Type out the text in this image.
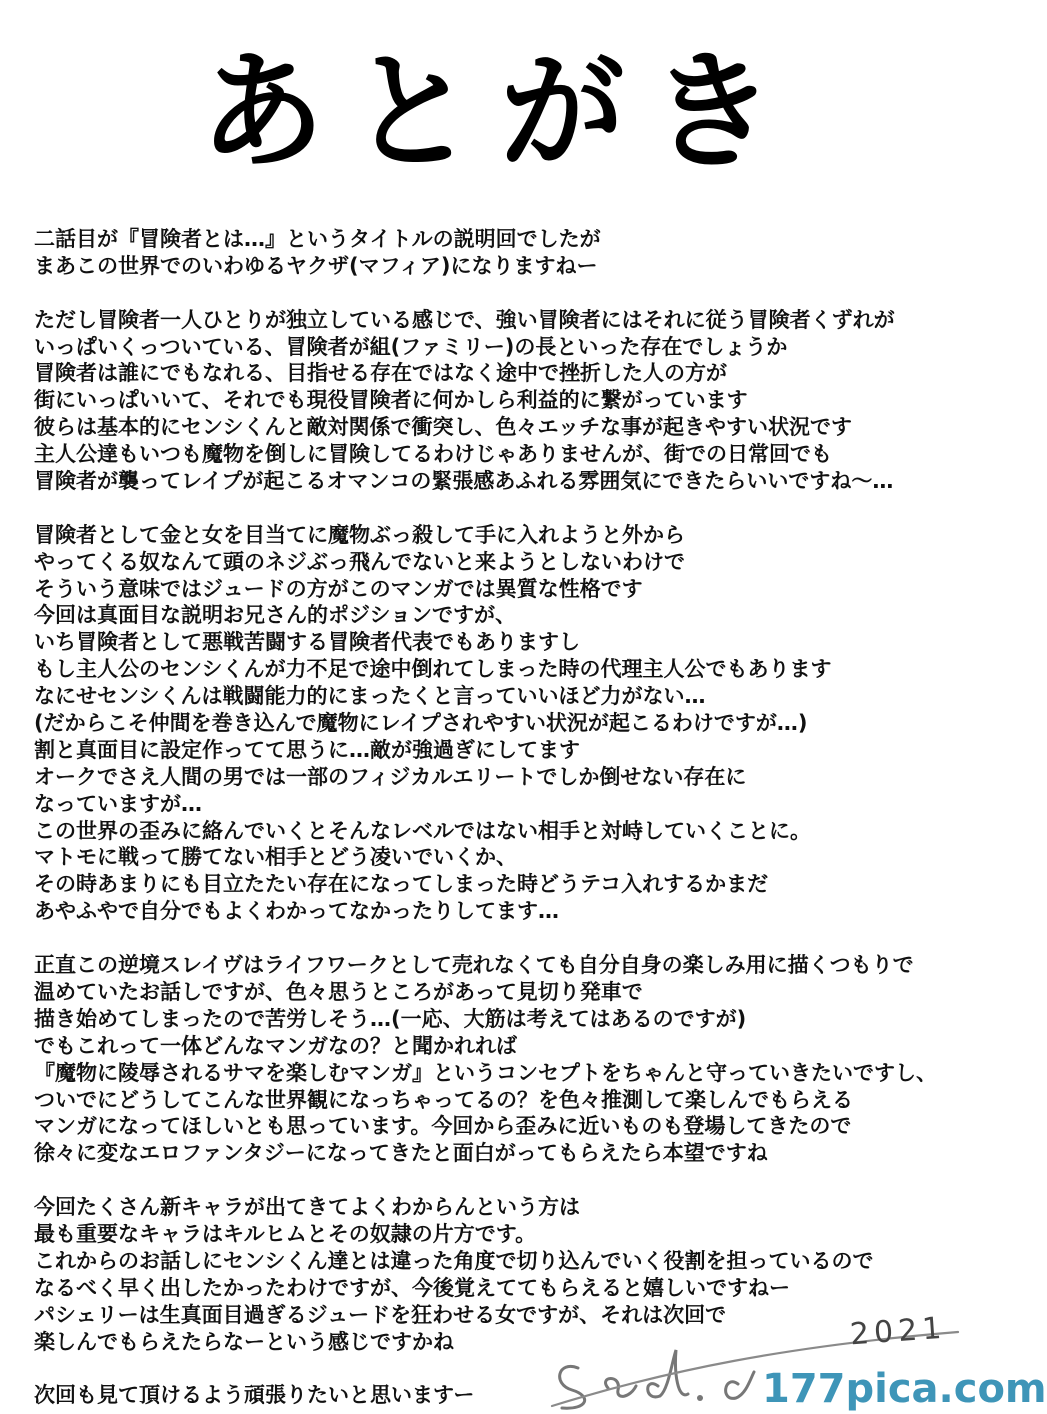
あとがき
二話目が『冒険者とは…』というタイトルの説明回でしたが
まあこの世界でのいわゆるヤクザ(マフィア)になりますねー
ただし冒険者一人ひとりが独立している感じで、強い冒険者にはそれに従う冒険者くずれが
いっぱいくっついている、冒険者が組(ファミリー)の長といった存在でしょうか
冒険者は誰にでもなれる、目指せる存在ではなく途中で挫折した人の方が
街にいっぱいいて、それでも現役冒険者に何かしら利益的に繋がっています
彼らは基本的にセンシくんと敵対関係で衝突し、色々エッチな事が起きやすい状況です
主人公達もいつも魔物を倒しに冒険してるわけじゃありませんが、街での日常回でも
冒険者が襲ってレイプが起こるオマンコの緊張感あふれる雰囲気にできたらいいですね～…
冒険者として金と女を目当てに魔物ぶっ殺して手に入れようと外から
やってくる奴なんて頭のネジぶっ飛んでないと来ようとしないわけで
そういう意味ではジュードの方がこのマンガでは異質な性格です
今回は真面目な説明お兄さん的ポジションですが、
いち冒険者として悪戦苦闘する冒険者代表でもありますし
もし主人公のセンシくんが力不足で途中倒れてしまった時の代理主人公でもあります
なにせセンシくんは戦闘能力的にまったくと言っていいほど力がない…
(だからこそ仲間を巻き込んで魔物にレイプされやすい状況が起こるわけですが…)
割と真面目に設定作ってて思うに…敵が強過ぎにしてます
オークでさえ人間の男では一部のフィジカルエリートでしか倒せない存在に
なっていますが…
この世界の歪みに絡んでいくとそんなレベルではない相手と対峙していくことに。
マトモに戦って勝てない相手とどう凌いでいくか、
その時あまりにも目立たたい存在になってしまった時どうテコ入れするかまだ
あやふやで自分でもよくわかってなかったりしてます…
正直この逆境スレイヴはライフワークとして売れなくても自分自身の楽しみ用に描くつもりで
温めていたお話しですが、色々思うところがあって見切り発車で
描き始めてしまったので苦労しそう…(一応、大筋は考えてはあるのですが)
でもこれって一体どんなマンガなの？と聞かれれば
『魔物に陵辱されるサマを楽しむマンガ』というコンセプトをちゃんと守っていきたいですし、
ついでにどうしてこんな世界観になっちゃってるの？を色々推測して楽しんでもらえる
マンガになってほしいとも思っています。今回から歪みに近いものも登場してきたので
徐々に変なエロファンタジーになってきたと面白がってもらえたら本望ですね
今回たくさん新キャラが出てきてよくわからんという方は
最も重要なキャラはキルヒムとその奴隷の片方です。
これからのお話しにセンシくん達とは違った角度で切り込んでいく役割を担っているので
なるべく早く出したかったわけですが、今後覚えててもらえると嬉しいですねー
パシェリーは生真面目過ぎるジュードを狂わせる女ですが、それは次回で
楽しんでもらえたらなーという感じですかね
次回も見て頂けるよう頑張りたいと思いますー
2021
177pica.com
